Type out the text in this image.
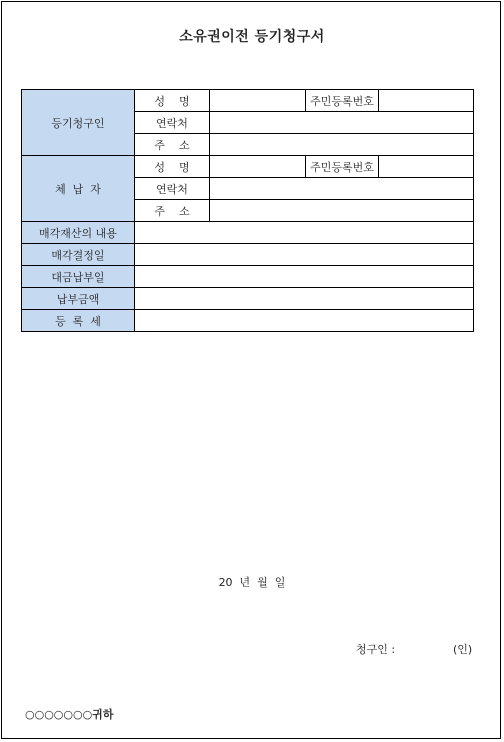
소유권이전 등기청구서
등기청구인	성    명		주민등록번호	
	연락처			
	주    소			
체  납  자	성    명		주민등록번호	
	연락처			
	주    소			
매각재산의 내용				
매각결정일				
대금납부일				
납부금액				
등  록  세				
20  년  월  일
청구인 :	(인)
○○○○○○○귀하
